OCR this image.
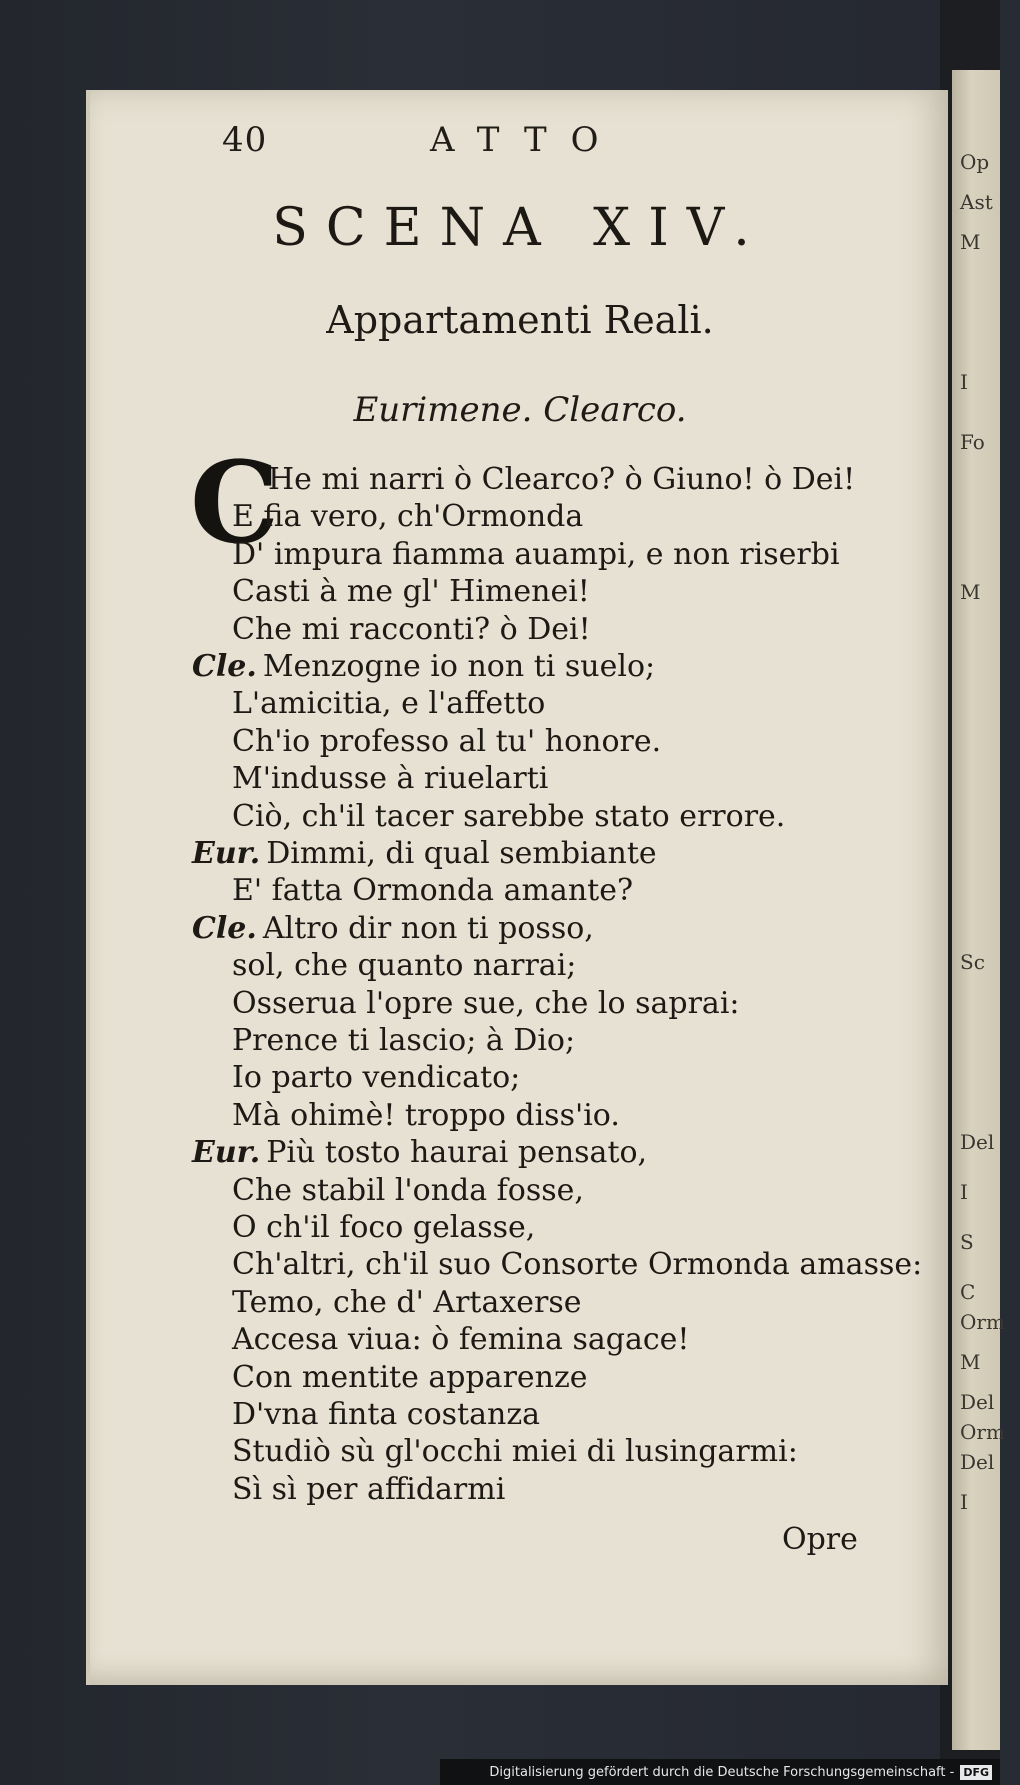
Op
Ast
M
I
Fo
M
Sc
Del
I
S
C
Orm
M
Del
Orm
Del
I
40	ATTO
SCENA XIV.
Appartamenti Reali.
Eurimene. Clearco.
C
He mi narri ò Clearco? ò Giuno! ò Dei!
E fia vero, ch'Ormonda
D' impura fiamma auampi, e non riserbi
Casti à me gl' Himenei!
Che mi racconti? ò Dei!
Cle. Menzogne io non ti suelo;
L'amicitia, e l'affetto
Ch'io professo al tu' honore.
M'indusse à riuelarti
Ciò, ch'il tacer sarebbe stato errore.
Eur. Dimmi, di qual sembiante
E' fatta Ormonda amante?
Cle. Altro dir non ti posso,
sol, che quanto narrai;
Osserua l'opre sue, che lo saprai:
Prence ti lascio; à Dio;
Io parto vendicato;
Mà ohimè! troppo diss'io.
Eur. Più tosto haurai pensato,
Che stabil l'onda fosse,
O ch'il foco gelasse,
Ch'altri, ch'il suo Consorte Ormonda amasse:
Temo, che d' Artaxerse
Accesa viua: ò femina sagace!
Con mentite apparenze
D'vna finta costanza
Studiò sù gl'occhi miei di lusingarmi:
Sì sì per affidarmi
Opre
Digitalisierung gefördert durch die Deutsche Forschungsgemeinschaft - DFG
